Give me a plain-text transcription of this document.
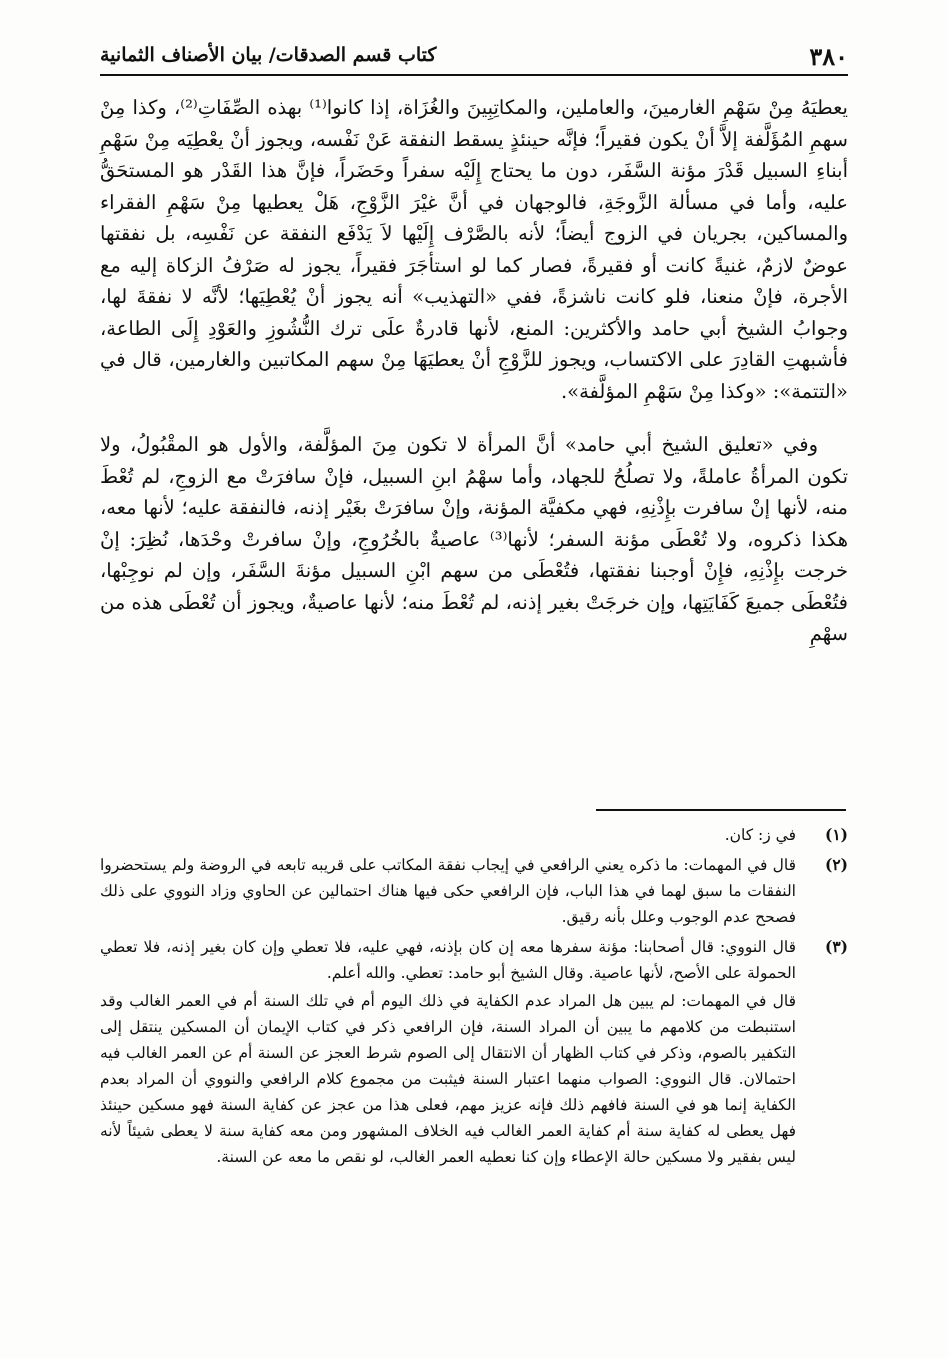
٣٨٠
كتاب قسم الصدقات/ بيان الأصناف الثمانية

يعطيَهُ مِنْ سَهْمِ الغارمينَ، والعاملين، والمكاتِبِينَ والغُزَاة، إذا كانوا⁽¹⁾ بهذه الصِّفَاتِ⁽²⁾، وكذا مِنْ سهمِ المُؤَلَّفة إلاَّ أنْ يكون فقيراً؛ فإنَّه حينئذٍ يسقط النفقة عَنْ نَفْسه، ويجوز أنْ يعْطِيَه مِنْ سَهْمِ أبناءِ السبيل قَدْرَ مؤنة السَّفَر، دون ما يحتاج إِلَيْه سفراً وحَضَراً، فإنَّ هذا القَدْر هو المستحَقُّ عليه، وأما في مسألة الزَّوجَةِ، فالوجهان في أنَّ غيْرَ الزَّوْجِ، هَلْ يعطيها مِنْ سَهْمِ الفقراء والمساكين، بجريان في الزوج أيضاً؛ لأنه بالصَّرْف إِلَيْها لاَ يَدْفَع النفقة عن نَفْسِه، بل نفقتها عوضٌ لازمٌ، غنيةً كانت أو فقيرةً، فصار كما لو استأجَرَ فقيراً، يجوز له صَرْفُ الزكاة إليه مع الأجرة، فإنْ منعنا، فلو كانت ناشزةً، ففي «التهذيب» أنه يجوز أنْ يُعْطِيَها؛ لأنَّه لا نفقةَ لها، وجوابُ الشيخ أبي حامد والأكثرين: المنع، لأنها قادرةٌ علَى ترك النُّشُوزِ والعَوْدِ إِلَى الطاعة، فأشبهتِ القادِرَ على الاكتساب، ويجوز للزَّوْجِ أنْ يعطيَهَا مِنْ سهم المكاتبين والغارمين، قال في «التتمة»: «وكذا مِنْ سَهْمِ المؤلَّفة».

وفي «تعليق الشيخ أبي حامد» أنَّ المرأة لا تكون مِنَ المؤلَّفة، والأول هو المقْبُولُ، ولا تكون المرأةُ عاملةً، ولا تصلُحُ للجهاد، وأما سهْمُ ابنِ السبيل، فإنْ سافرَتْ مع الزوجِ، لم تُعْطَ منه، لأنها إنْ سافرت بإِذْنِهِ، فهي مكفيَّة المؤنة، وإنْ سافرَتْ بغَيْر إذنه، فالنفقة عليه؛ لأنها معه، هكذا ذكروه، ولا تُعْطَى مؤنة السفر؛ لأنها⁽³⁾ عاصيةٌ بالخُرُوجِ، وإنْ سافرتْ وحْدَها، نُظِرَ: إنْ خرجت بإِذْنِهِ، فإِنْ أوجبنا نفقتها، فتُعْطَى من سهم ابْنِ السبيل مؤنةَ السَّفَر، وإن لم نوجِبْها، فتُعْطَى جميعَ كَفَايَتِها، وإن خرجَتْ بغير إذنه، لم تُعْطَ منه؛ لأنها عاصيةٌ، ويجوز أن تُعْطَى هذه من سهْمِ

(١)
في ز: كان.
(٢)
قال في المهمات: ما ذكره يعني الرافعي في إيجاب نفقة المكاتب على قريبه تابعه في الروضة ولم يستحضروا النفقات ما سبق لهما في هذا الباب، فإن الرافعي حكى فيها هناك احتمالين عن الحاوي وزاد النووي على ذلك فصحح عدم الوجوب وعلل بأنه رقيق.
(٣)
قال النووي: قال أصحابنا: مؤنة سفرها معه إن كان بإذنه، فهي عليه، فلا تعطي وإن كان بغير إذنه، فلا تعطي الحمولة على الأصح، لأنها عاصية. وقال الشيخ أبو حامد: تعطي. والله أعلم.
قال في المهمات: لم يبين هل المراد عدم الكفاية في ذلك اليوم أم في تلك السنة أم في العمر الغالب وقد استنبطت من كلامهم ما يبين أن المراد السنة، فإن الرافعي ذكر في كتاب الإيمان أن المسكين ينتقل إلى التكفير بالصوم، وذكر في كتاب الظهار أن الانتقال إلى الصوم شرط العجز عن السنة أم عن العمر الغالب فيه احتمالان. قال النووي: الصواب منهما اعتبار السنة فيثبت من مجموع كلام الرافعي والنووي أن المراد بعدم الكفاية إنما هو في السنة فافهم ذلك فإنه عزيز مهم، فعلى هذا من عجز عن كفاية السنة فهو مسكين حينئذ فهل يعطى له كفاية سنة أم كفاية العمر الغالب فيه الخلاف المشهور ومن معه كفاية سنة لا يعطى شيئاً لأنه ليس بفقير ولا مسكين حالة الإعطاء وإن كنا نعطيه العمر الغالب، لو نقص ما معه عن السنة.
